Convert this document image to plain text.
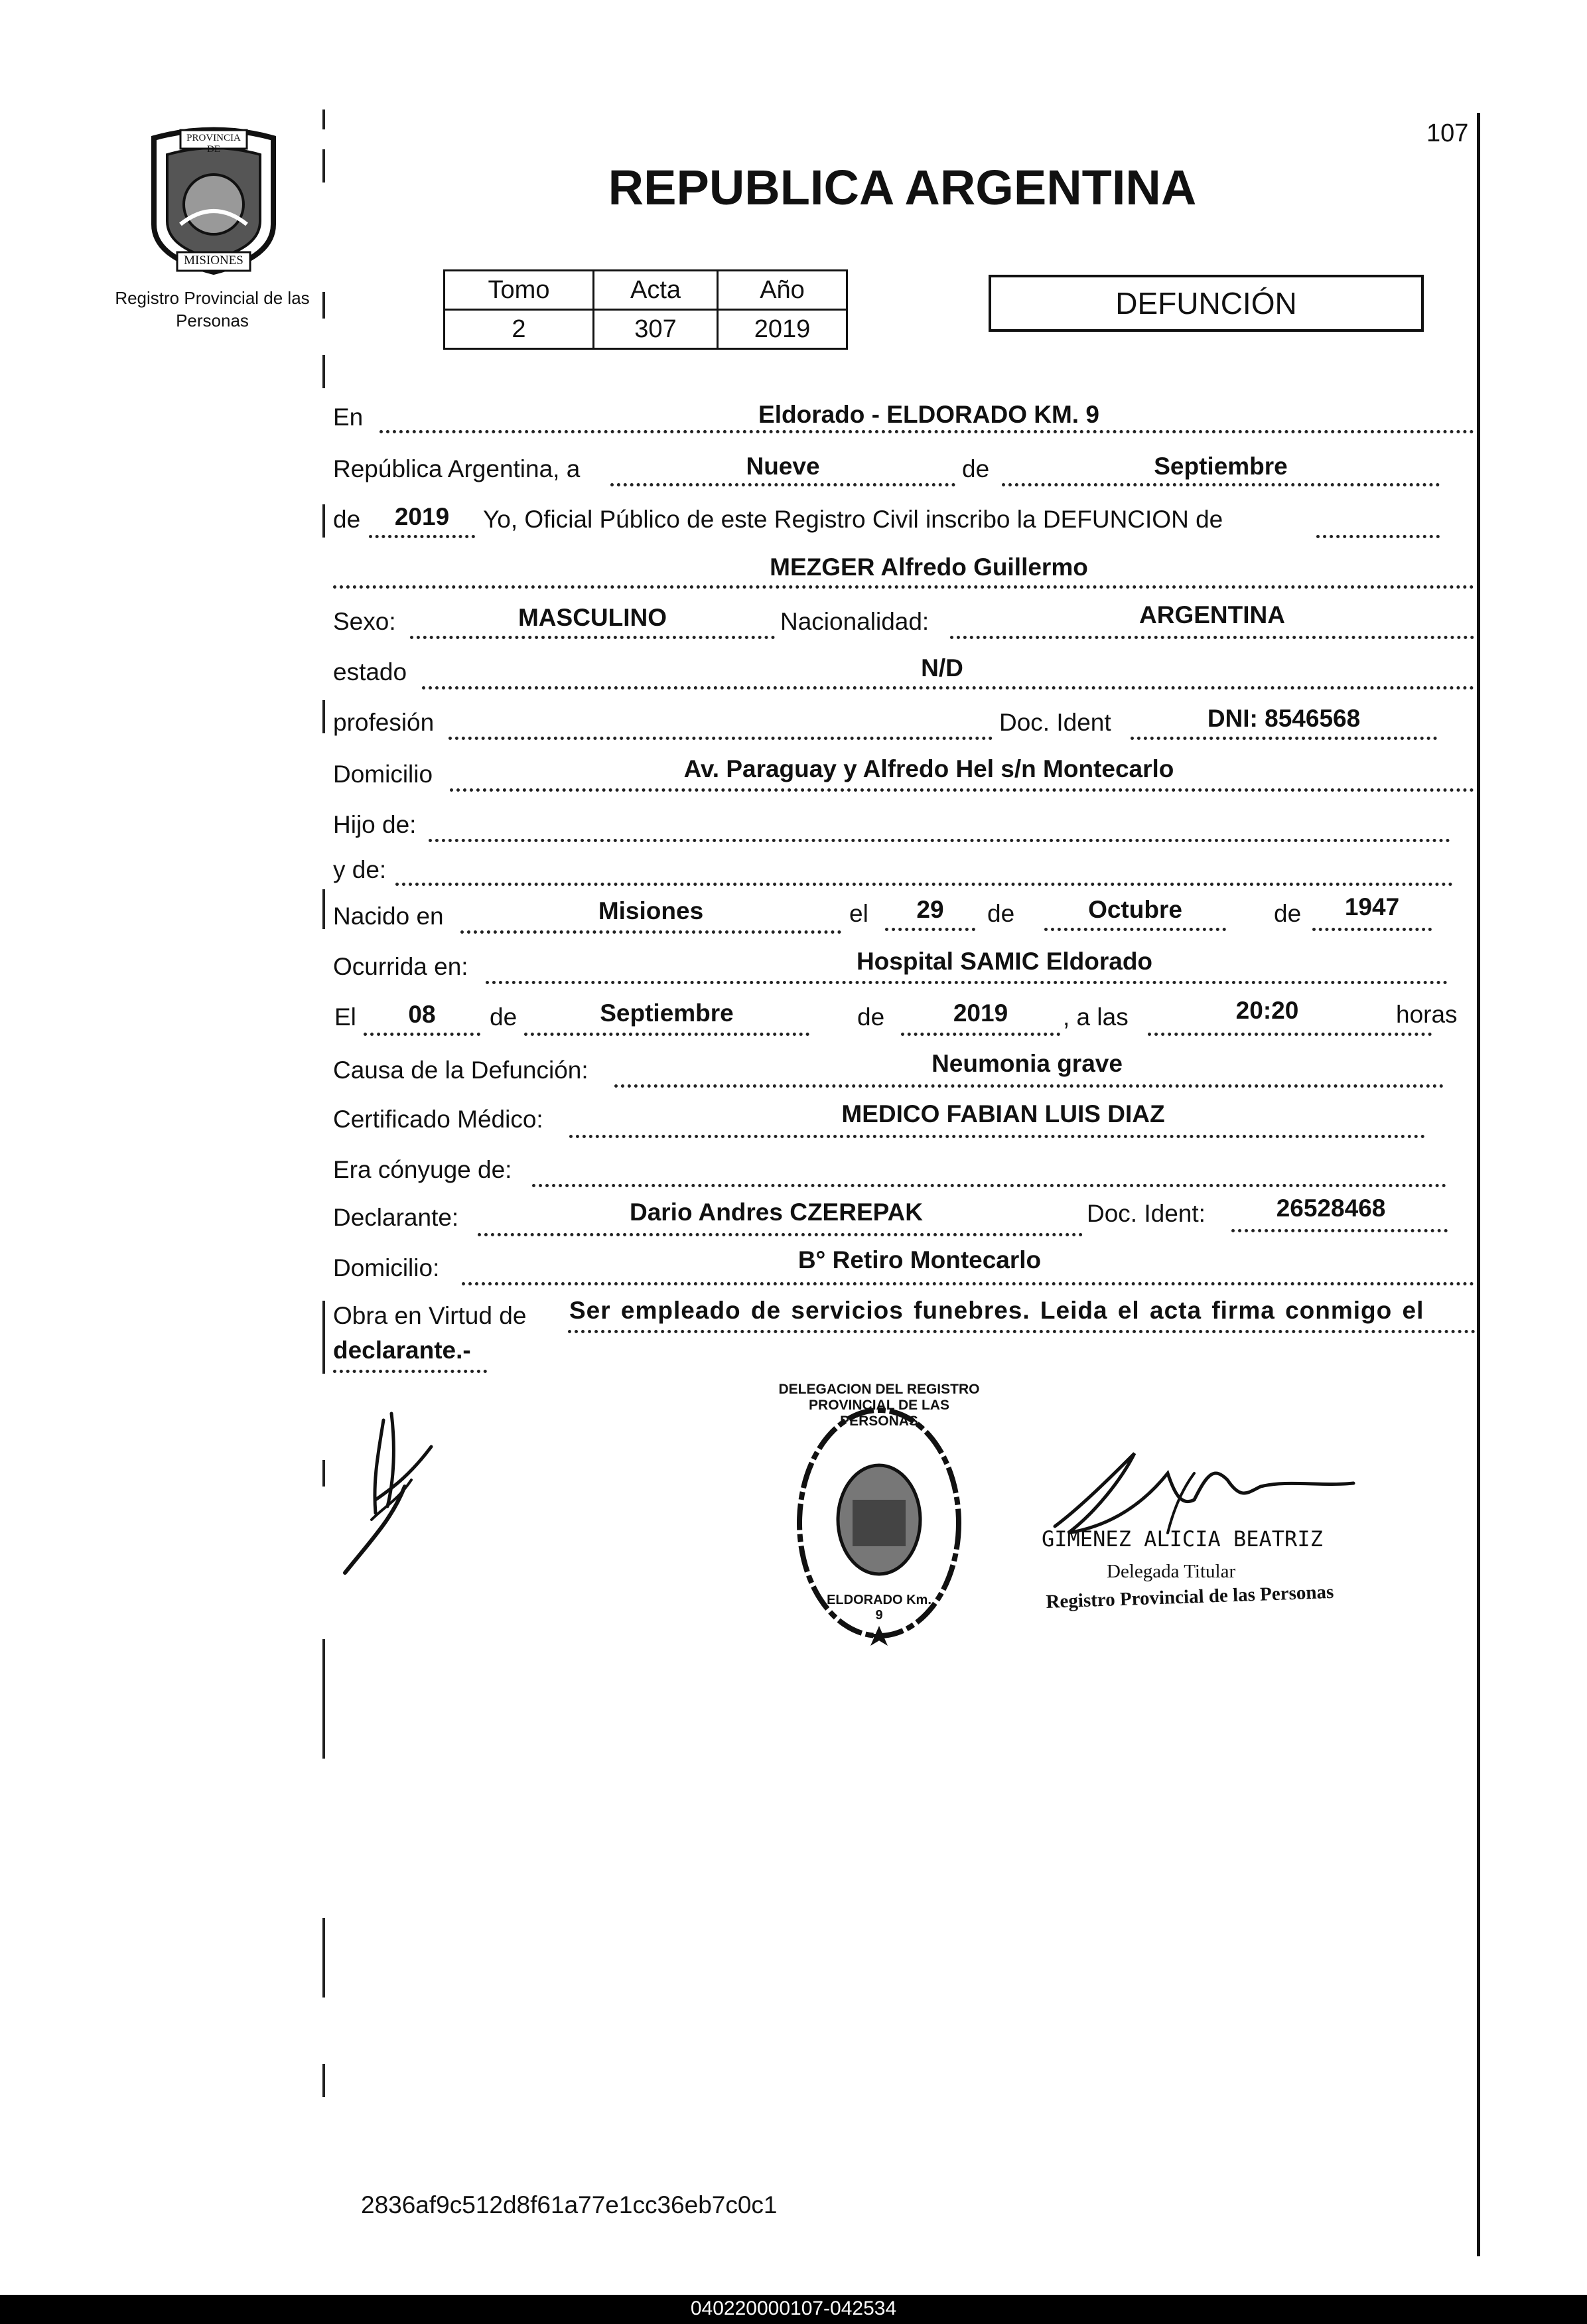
107
PROVINCIA DE
MISIONES
Registro Provincial de las Personas
REPUBLICA ARGENTINA
Tomo	Acta	Año
2	307	2019
DEFUNCIÓN
En	Eldorado - ELDORADO KM. 9
República Argentina, a	Nueve	de	Septiembre
de	2019	Yo, Oficial Público de este Registro Civil inscribo la DEFUNCION de
MEZGER Alfredo Guillermo
Sexo:	MASCULINO	Nacionalidad:	ARGENTINA
estado	N/D
profesión	Doc. Ident	DNI: 8546568
Domicilio	Av. Paraguay y Alfredo Hel s/n Montecarlo
Hijo de:
y de:
Nacido en	Misiones	el	29	de	Octubre	de	1947
Ocurrida en:	Hospital SAMIC Eldorado
El	08	de	Septiembre	de	2019	, a las	20:20	horas
Causa de la Defunción:	Neumonia grave
Certificado Médico:	MEDICO FABIAN LUIS DIAZ
Era cónyuge de:
Declarante:	Dario Andres CZEREPAK	Doc. Ident:	26528468
Domicilio:	B° Retiro Montecarlo
Obra en Virtud de Ser empleado de servicios funebres. Leida el acta firma conmigo el
declarante.-
DELEGACION DEL REGISTRO PROVINCIAL DE LAS PERSONAS
ELDORADO Km. 9
GIMENEZ ALICIA BEATRIZ
Delegada Titular
Registro Provincial de las Personas
2836af9c512d8f61a77e1cc36eb7c0c1
040220000107-042534
